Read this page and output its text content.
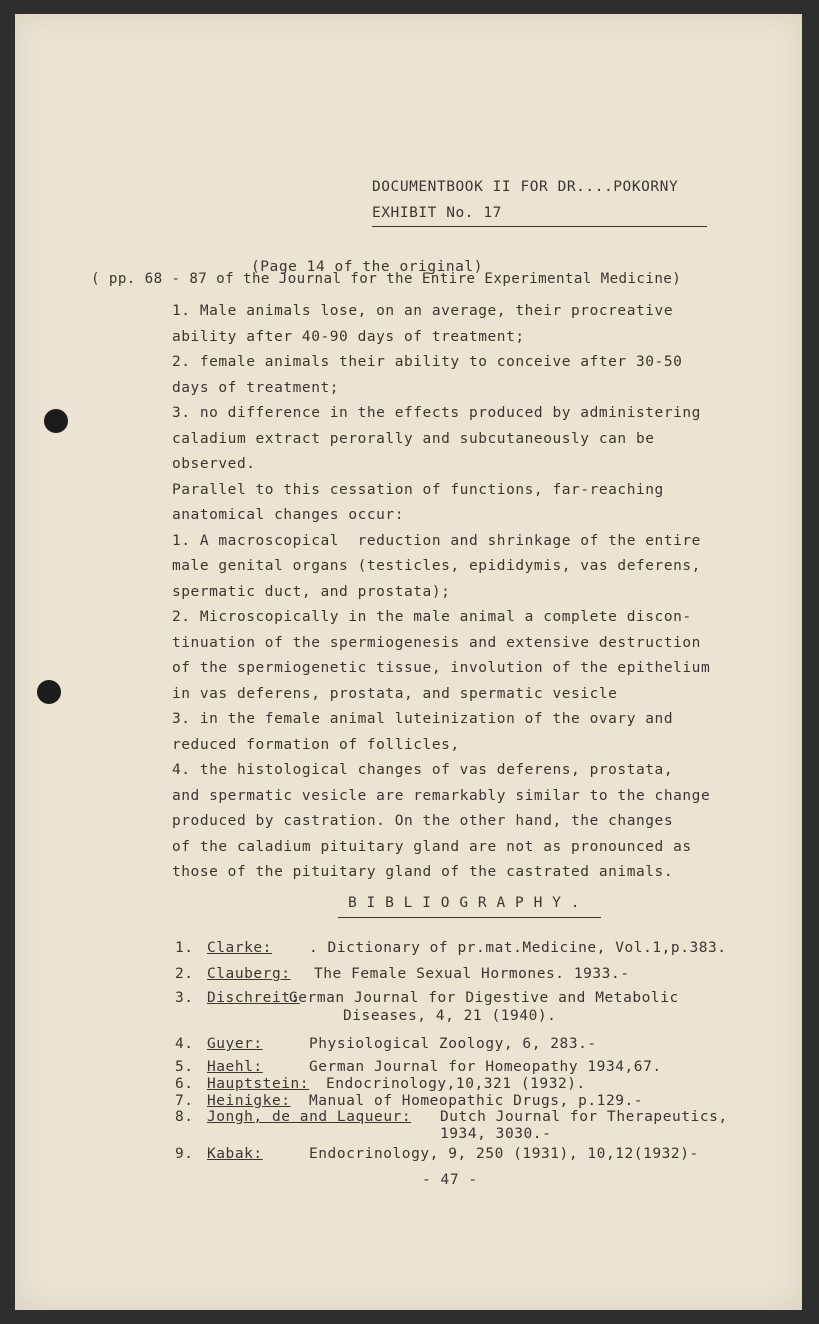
DOCUMENTBOOK II FOR DR....POKORNY
EXHIBIT No. 17
(Page 14 of the original)
( pp. 68 - 87 of the Journal for the Entire Experimental Medicine)
1. Male animals lose, on an average, their procreative
ability after 40-90 days of treatment;
2. female animals their ability to conceive after 30-50
days of treatment;
3. no difference in the effects produced by administering
caladium extract perorally and subcutaneously can be
observed.
Parallel to this cessation of functions, far-reaching
anatomical changes occur:
1. A macroscopical  reduction and shrinkage of the entire
male genital organs (testicles, epididymis, vas deferens,
spermatic duct, and prostata);
2. Microscopically in the male animal a complete discon-
tinuation of the spermiogenesis and extensive destruction
of the spermiogenetic tissue, involution of the epithelium
in vas deferens, prostata, and spermatic vesicle
3. in the female animal luteinization of the ovary and
reduced formation of follicles,
4. the histological changes of vas deferens, prostata,
and spermatic vesicle are remarkably similar to the change
produced by castration. On the other hand, the changes
of the caladium pituitary gland are not as pronounced as
those of the pituitary gland of the castrated animals.
B I B L I O G R A P H Y .
1. Clarke:	. Dictionary of pr.mat.Medicine, Vol.1,p.383.
2. Clauberg: The Female Sexual Hormones. 1933.-
3. Dischreit:
German Journal for Digestive and Metabolic
Diseases, 4, 21 (1940).
4. Guyer:	Physiological Zoology, 6, 283.-
5. Haehl:	German Journal for Homeopathy 1934,67.
6. Hauptstein: Endocrinology,10,321 (1932).
7. Heinigke: Manual of Homeopathic Drugs, p.129.-
8. Jongh, de and Laqueur: Dutch Journal for Therapeutics,
1934, 3030.-
9. Kabak:	Endocrinology, 9, 250 (1931), 10,12(1932)-
- 47 -
